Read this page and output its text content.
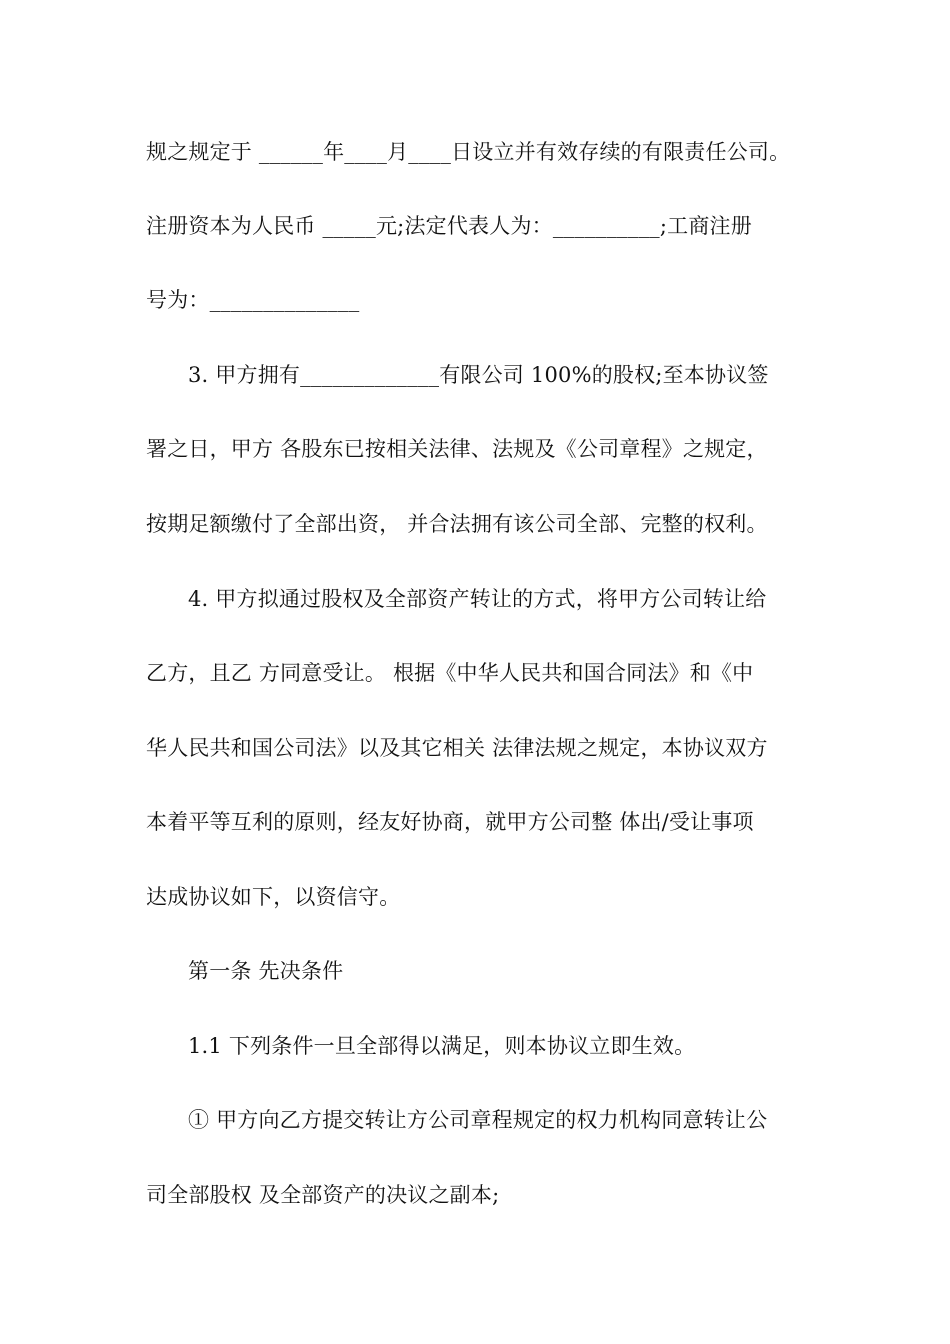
规之规定于 ______年____月____日设立并有效存续的有限责任公司。
注册资本为人民币 _____元;法定代表人为：__________;工商注册
号为：______________
3. 甲方拥有_____________有限公司 100%的股权;至本协议签
署之日，甲方 各股东已按相关法律、法规及《公司章程》之规定，
按期足额缴付了全部出资， 并合法拥有该公司全部、完整的权利。
4. 甲方拟通过股权及全部资产转让的方式，将甲方公司转让给
乙方，且乙 方同意受让。 根据《中华人民共和国合同法》和《中
华人民共和国公司法》以及其它相关 法律法规之规定，本协议双方
本着平等互利的原则，经友好协商，就甲方公司整 体出/受让事项
达成协议如下，以资信守。
第一条 先决条件
1.1 下列条件一旦全部得以满足，则本协议立即生效。
① 甲方向乙方提交转让方公司章程规定的权力机构同意转让公
司全部股权 及全部资产的决议之副本;
